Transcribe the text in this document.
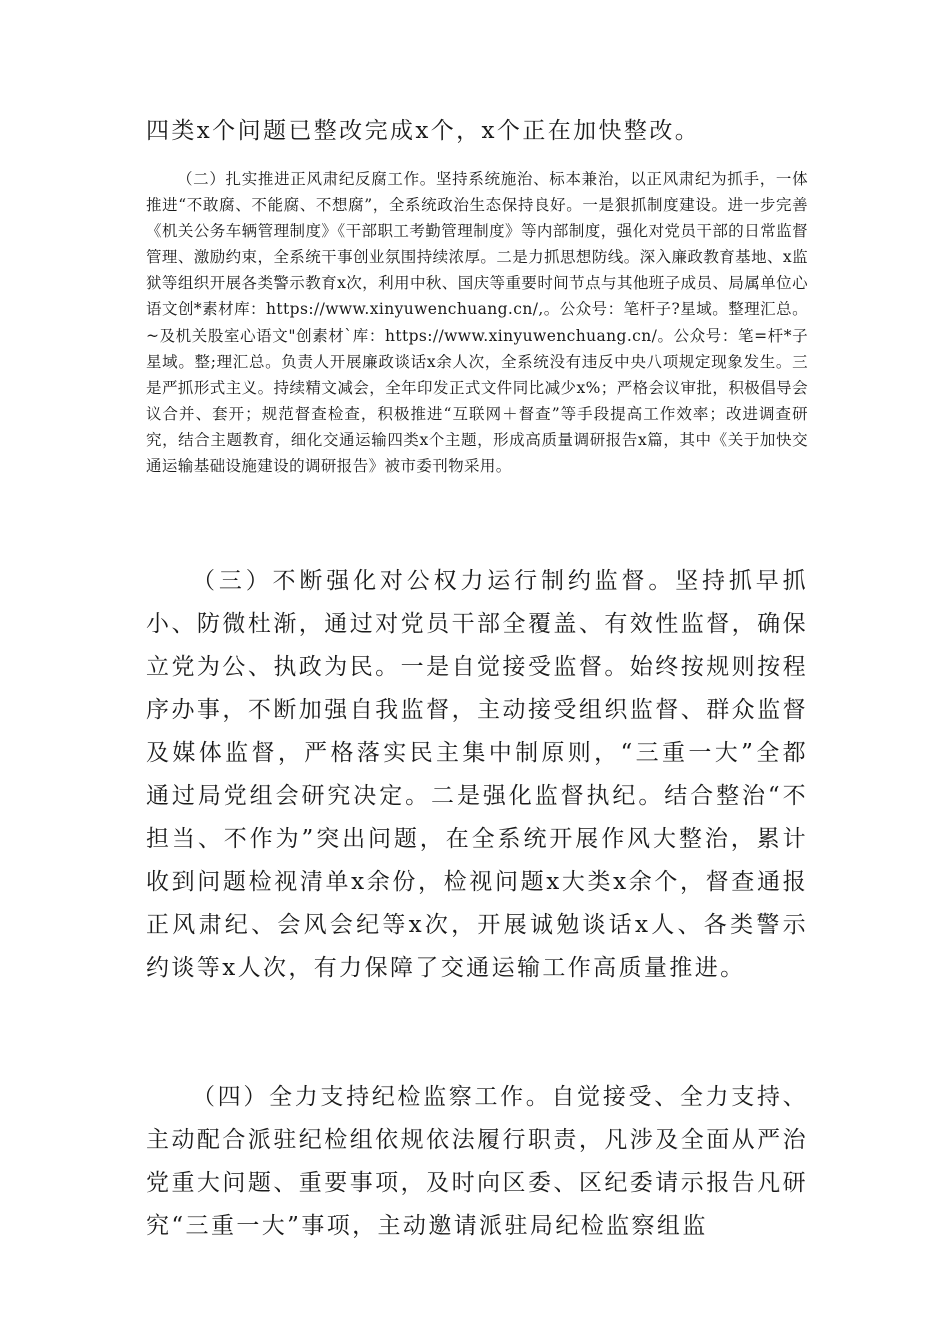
四类x个问题已整改完成x个，x个正在加快整改。

（二）扎实推进正风肃纪反腐工作。坚持系统施治、标本兼治，以正风肃纪为抓手，一体推进“不敢腐、不能腐、不想腐”，全系统政治生态保持良好。一是狠抓制度建设。进一步完善《机关公务车辆管理制度》《干部职工考勤管理制度》等内部制度，强化对党员干部的日常监督管理、激励约束，全系统干事创业氛围持续浓厚。二是力抓思想防线。深入廉政教育基地、x监狱等组织开展各类警示教育x次，利用中秋、国庆等重要时间节点与其他班子成员、局属单位心语文创*素材库：https://www.xinyuwenchuang.cn/,。公众号：笔杆子?星域。整理汇总。~及机关股室心语文"创素材`库：https://www.xinyuwenchuang.cn/。公众号：笔=杆*子星域。整;理汇总。负责人开展廉政谈话x余人次，全系统没有违反中央八项规定现象发生。三是严抓形式主义。持续精文减会，全年印发正式文件同比减少x%；严格会议审批，积极倡导会议合并、套开；规范督查检查，积极推进“互联网＋督查”等手段提高工作效率；改进调查研究，结合主题教育，细化交通运输四类x个主题，形成高质量调研报告x篇，其中《关于加快交通运输基础设施建设的调研报告》被市委刊物采用。

（三）不断强化对公权力运行制约监督。坚持抓早抓小、防微杜渐，通过对党员干部全覆盖、有效性监督，确保立党为公、执政为民。一是自觉接受监督。始终按规则按程序办事，不断加强自我监督，主动接受组织监督、群众监督及媒体监督，严格落实民主集中制原则，“三重一大”全都通过局党组会研究决定。二是强化监督执纪。结合整治“不担当、不作为”突出问题，在全系统开展作风大整治，累计收到问题检视清单x余份，检视问题x大类x余个，督查通报正风肃纪、会风会纪等x次，开展诚勉谈话x人、各类警示约谈等x人次，有力保障了交通运输工作高质量推进。

（四）全力支持纪检监察工作。自觉接受、全力支持、主动配合派驻纪检组依规依法履行职责，凡涉及全面从严治党重大问题、重要事项，及时向区委、区纪委请示报告凡研究“三重一大”事项，主动邀请派驻局纪检监察组监
